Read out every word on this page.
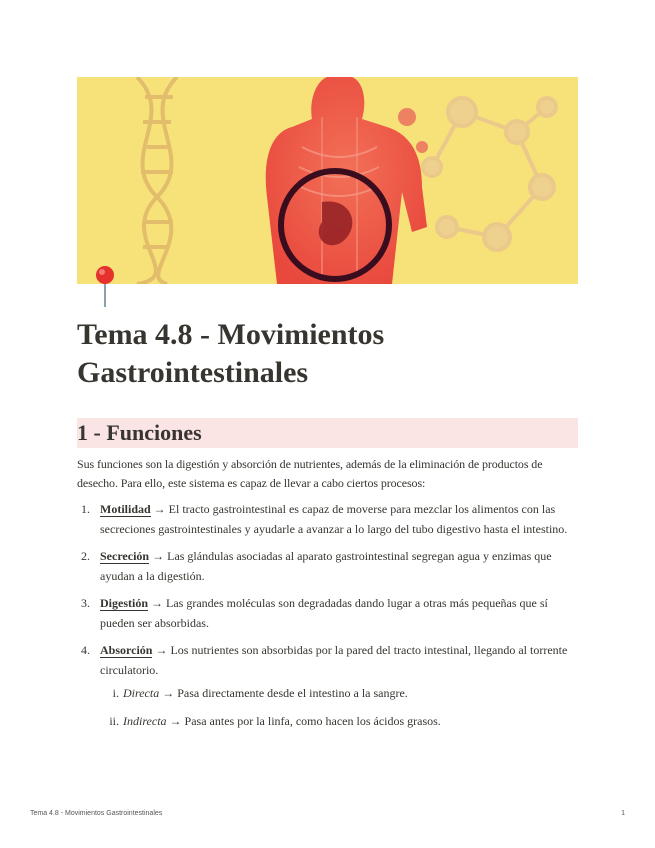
Tema 4.8 - Movimientos Gastrointestinales
1 - Funciones

Sus funciones son la digestión y absorción de nutrientes, además de la eliminación de productos de desecho. Para ello, este sistema es capaz de llevar a cabo ciertos procesos:

1. Motilidad → El tracto gastrointestinal es capaz de moverse para mezclar los alimentos con las secreciones gastrointestinales y ayudarle a avanzar a lo largo del tubo digestivo hasta el intestino.
2. Secreción → Las glándulas asociadas al aparato gastrointestinal segregan agua y enzimas que ayudan a la digestión.
3. Digestión → Las grandes moléculas son degradadas dando lugar a otras más pequeñas que sí pueden ser absorbidas.
4. Absorción → Los nutrientes son absorbidas por la pared del tracto intestinal, llegando al torrente circulatorio.
i. Directa → Pasa directamente desde el intestino a la sangre.
ii. Indirecta → Pasa antes por la linfa, como hacen los ácidos grasos.
Tema 4.8 - Movimientos Gastrointestinales	1
